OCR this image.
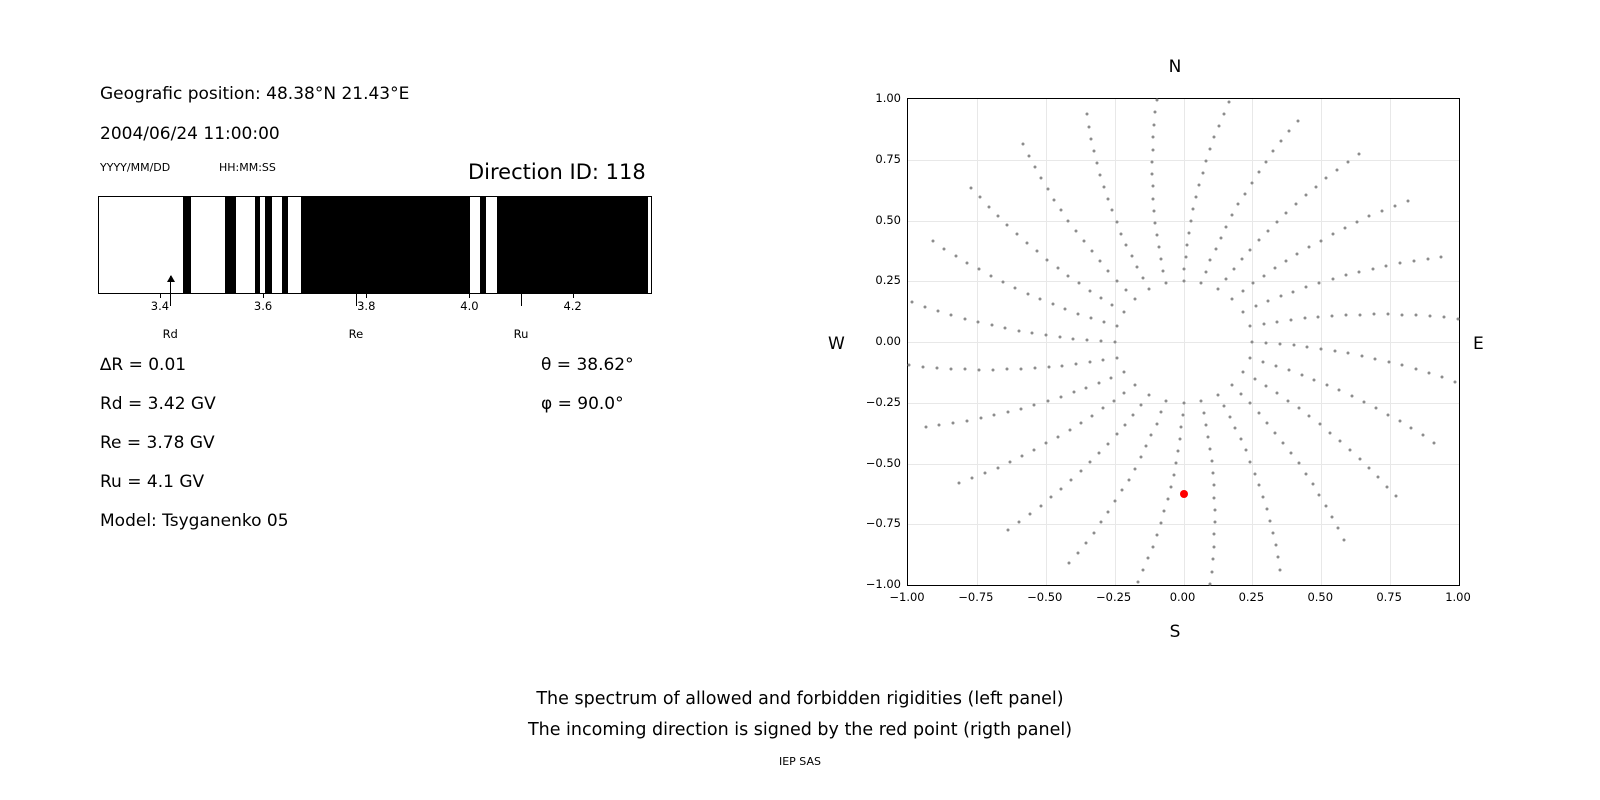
Geografic position: 48.38°N 21.43°E
2004/06/24 11:00:00
YYYY/MM/DD	HH:MM:SS	Direction ID: 118
3.4	3.6	3.8	4.0	4.2
Rd	Re	Ru
∆R = 0.01
Rd = 3.42 GV
Re = 3.78 GV
Ru = 4.1 GV
Model: Tsyganenko 05
θ = 38.62°
φ = 90.0°
N
S
W	E
−1.00	−0.75	−0.50	−0.25	0.00	0.25	0.50	0.75	1.00
−1.00
−0.75
−0.50
−0.25
0.00
0.25
0.50
0.75
1.00
The spectrum of allowed and forbidden rigidities (left panel)
The incoming direction is signed by the red point (rigth panel)
IEP SAS
